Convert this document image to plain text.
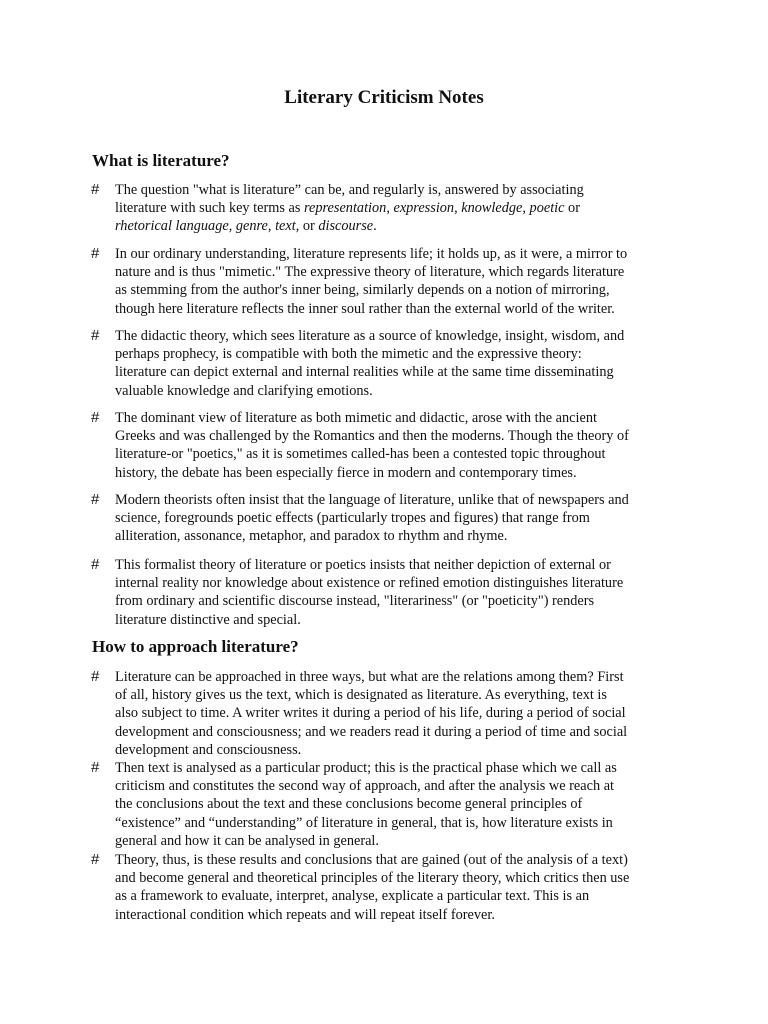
Literary Criticism Notes
What is literature?
# The question "what is literature” can be, and regularly is, answered by associating
literature with such key terms as representation, expression, knowledge, poetic or
rhetorical language, genre, text, or discourse.
# In our ordinary understanding, literature represents life; it holds up, as it were, a mirror to
nature and is thus "mimetic." The expressive theory of literature, which regards literature
as stemming from the author's inner being, similarly depends on a notion of mirroring,
though here literature reflects the inner soul rather than the external world of the writer.
# The didactic theory, which sees literature as a source of knowledge, insight, wisdom, and
perhaps prophecy, is compatible with both the mimetic and the expressive theory:
literature can depict external and internal realities while at the same time disseminating
valuable knowledge and clarifying emotions.
# The dominant view of literature as both mimetic and didactic, arose with the ancient
Greeks and was challenged by the Romantics and then the moderns. Though the theory of
literature-or "poetics," as it is sometimes called-has been a contested topic throughout
history, the debate has been especially fierce in modern and contemporary times.
# Modern theorists often insist that the language of literature, unlike that of newspapers and
science, foregrounds poetic effects (particularly tropes and figures) that range from
alliteration, assonance, metaphor, and paradox to rhythm and rhyme.
# This formalist theory of literature or poetics insists that neither depiction of external or
internal reality nor knowledge about existence or refined emotion distinguishes literature
from ordinary and scientific discourse instead, "literariness" (or "poeticity") renders
literature distinctive and special.
How to approach literature?
# Literature can be approached in three ways, but what are the relations among them? First
of all, history gives us the text, which is designated as literature. As everything, text is
also subject to time. A writer writes it during a period of his life, during a period of social
development and consciousness; and we readers read it during a period of time and social
development and consciousness.
# Then text is analysed as a particular product; this is the practical phase which we call as
criticism and constitutes the second way of approach, and after the analysis we reach at
the conclusions about the text and these conclusions become general principles of
“existence” and “understanding” of literature in general, that is, how literature exists in
general and how it can be analysed in general.
# Theory, thus, is these results and conclusions that are gained (out of the analysis of a text)
and become general and theoretical principles of the literary theory, which critics then use
as a framework to evaluate, interpret, analyse, explicate a particular text. This is an
interactional condition which repeats and will repeat itself forever.
